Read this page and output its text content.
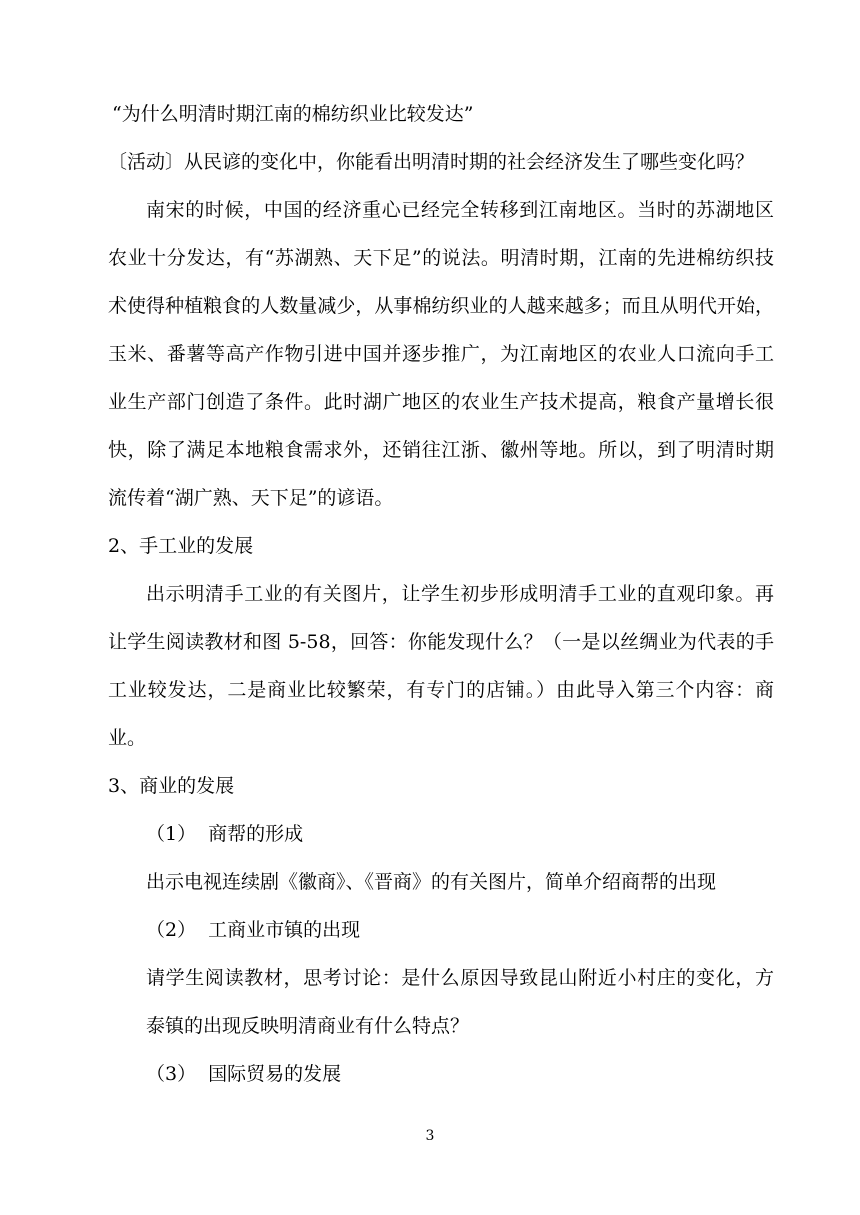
“为什么明清时期江南的棉纺织业比较发达”
〔活动〕从民谚的变化中，你能看出明清时期的社会经济发生了哪些变化吗？
南宋的时候，中国的经济重心已经完全转移到江南地区。当时的苏湖地区
农业十分发达，有“苏湖熟、天下足”的说法。明清时期，江南的先进棉纺织技
术使得种植粮食的人数量减少，从事棉纺织业的人越来越多；而且从明代开始，
玉米、番薯等高产作物引进中国并逐步推广，为江南地区的农业人口流向手工
业生产部门创造了条件。此时湖广地区的农业生产技术提高，粮食产量增长很
快，除了满足本地粮食需求外，还销往江浙、徽州等地。所以，到了明清时期
流传着“湖广熟、天下足”的谚语。
2、手工业的发展
出示明清手工业的有关图片，让学生初步形成明清手工业的直观印象。再
让学生阅读教材和图 5-58，回答：你能发现什么？（一是以丝绸业为代表的手
工业较发达，二是商业比较繁荣，有专门的店铺。）由此导入第三个内容：商
业。
3、商业的发展
（1）  商帮的形成
出示电视连续剧《徽商》、《晋商》的有关图片，简单介绍商帮的出现
（2）  工商业市镇的出现
请学生阅读教材，思考讨论：是什么原因导致昆山附近小村庄的变化，方
泰镇的出现反映明清商业有什么特点？
（3）  国际贸易的发展
3
